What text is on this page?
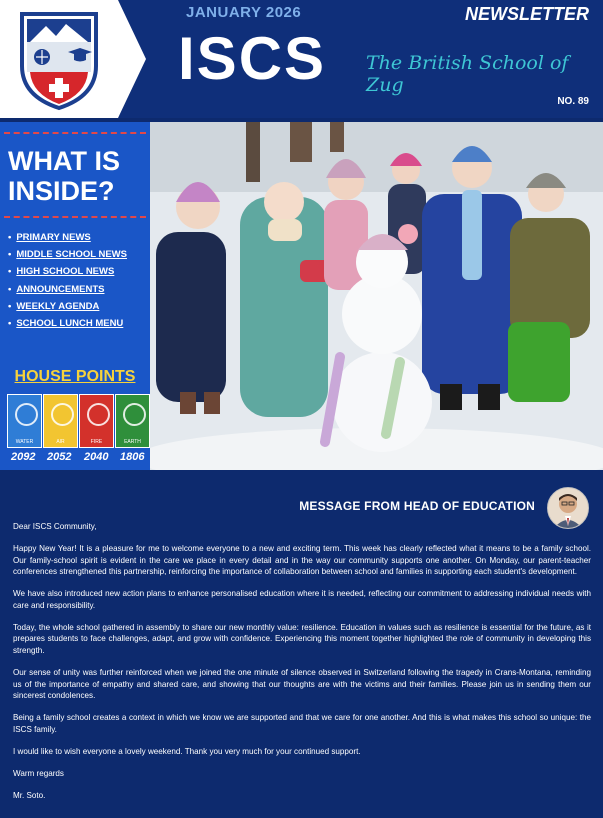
JANUARY 2026
ISCS
NEWSLETTER
The British School of Zug
NO. 89
WHAT IS
INSIDE?
• PRIMARY NEWS
• MIDDLE SCHOOL NEWS
• HIGH SCHOOL NEWS
• ANNOUNCEMENTS
• WEEKLY AGENDA
• SCHOOL LUNCH MENU
HOUSE POINTS
WATER	AIR	FIRE	EARTH
2092 2052 2040 1806
MESSAGE FROM HEAD OF EDUCATION

Dear ISCS Community,

Happy New Year! It is a pleasure for me to welcome everyone to a new and exciting term. This week has clearly reflected what it means to be a family school. Our family-school spirit is evident in the care we place in every detail and in the way our community supports one another. On Monday, our parent-teacher conferences strengthened this partnership, reinforcing the importance of collaboration between school and families in supporting each student's development.

We have also introduced new action plans to enhance personalised education where it is needed, reflecting our commitment to addressing individual needs with care and responsibility.

Today, the whole school gathered in assembly to share our new monthly value: resilience. Education in values such as resilience is essential for the future, as it prepares students to face challenges, adapt, and grow with confidence. Experiencing this moment together highlighted the role of community in developing this strength.

Our sense of unity was further reinforced when we joined the one minute of silence observed in Switzerland following the tragedy in Crans-Montana, reminding us of the importance of empathy and shared care, and showing that our thoughts are with the victims and their families. Please join us in sending them our sincerest condolences.

Being a family school creates a context in which we know we are supported and that we care for one another. And this is what makes this school so unique: the ISCS family.

I would like to wish everyone a lovely weekend. Thank you very much for your continued support.

Warm regards

Mr. Soto.
